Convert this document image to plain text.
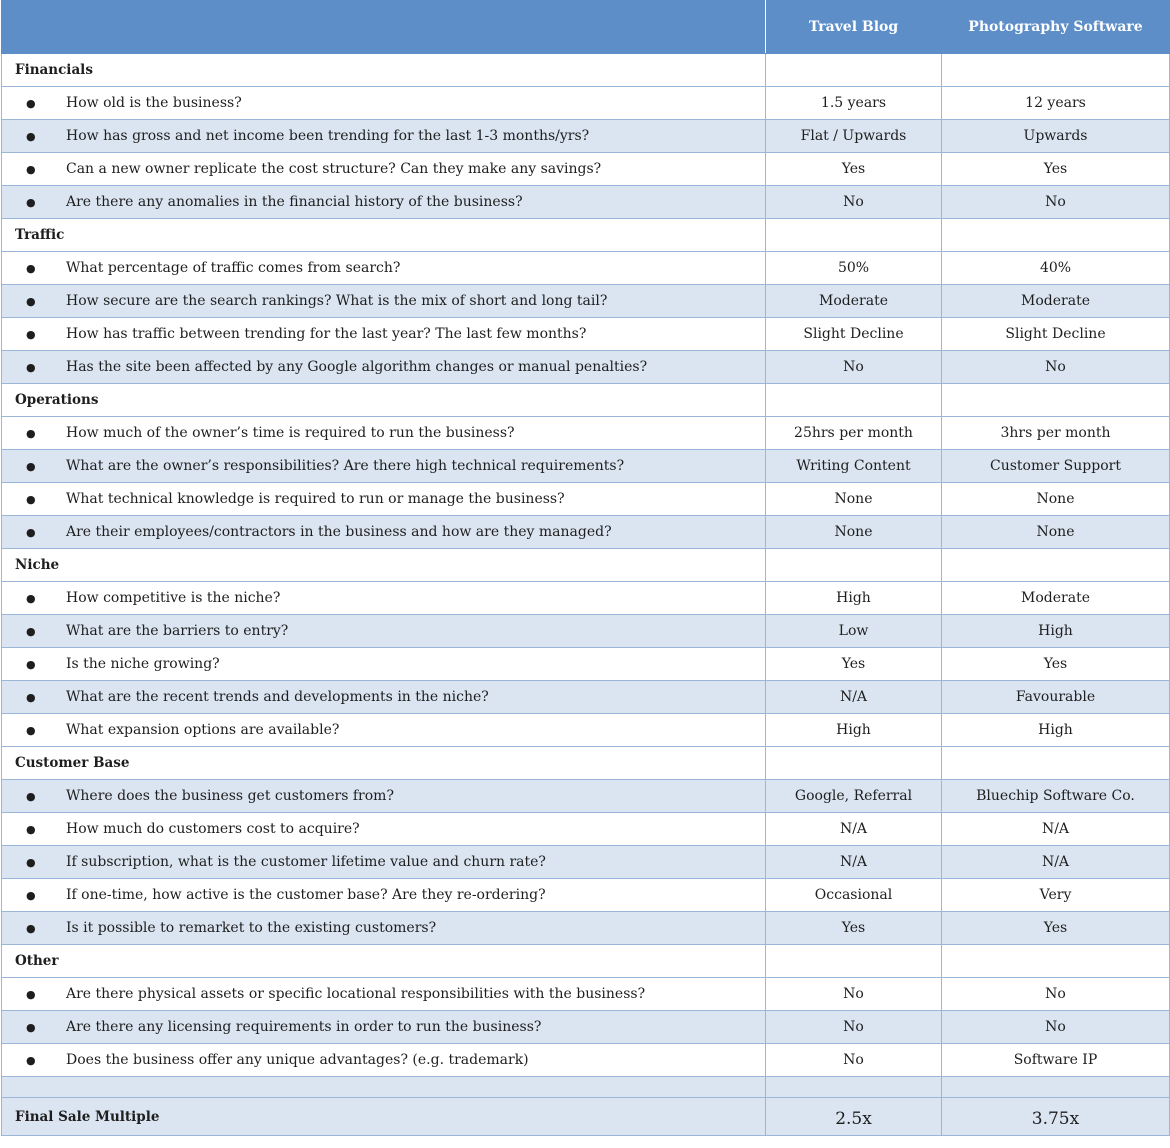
	Travel Blog	Photography Software
Financials		
● How old is the business?	1.5 years	12 years
● How has gross and net income been trending for the last 1-3 months/yrs?	Flat / Upwards	Upwards
● Can a new owner replicate the cost structure? Can they make any savings?	Yes	Yes
● Are there any anomalies in the financial history of the business?	No	No
Traffic		
● What percentage of traffic comes from search?	50%	40%
● How secure are the search rankings? What is the mix of short and long tail?	Moderate	Moderate
● How has traffic between trending for the last year? The last few months?	Slight Decline	Slight Decline
● Has the site been affected by any Google algorithm changes or manual penalties?	No	No
Operations		
● How much of the owner’s time is required to run the business?	25hrs per month	3hrs per month
● What are the owner’s responsibilities? Are there high technical requirements?	Writing Content	Customer Support
● What technical knowledge is required to run or manage the business?	None	None
● Are their employees/contractors in the business and how are they managed?	None	None
Niche		
● How competitive is the niche?	High	Moderate
● What are the barriers to entry?	Low	High
● Is the niche growing?	Yes	Yes
● What are the recent trends and developments in the niche?	N/A	Favourable
● What expansion options are available?	High	High
Customer Base		
● Where does the business get customers from?	Google, Referral	Bluechip Software Co.
● How much do customers cost to acquire?	N/A	N/A
● If subscription, what is the customer lifetime value and churn rate?	N/A	N/A
● If one-time, how active is the customer base? Are they re-ordering?	Occasional	Very
● Is it possible to remarket to the existing customers?	Yes	Yes
Other		
● Are there physical assets or specific locational responsibilities with the business?	No	No
● Are there any licensing requirements in order to run the business?	No	No
● Does the business offer any unique advantages? (e.g. trademark)	No	Software IP

Final Sale Multiple	2.5x	3.75x
